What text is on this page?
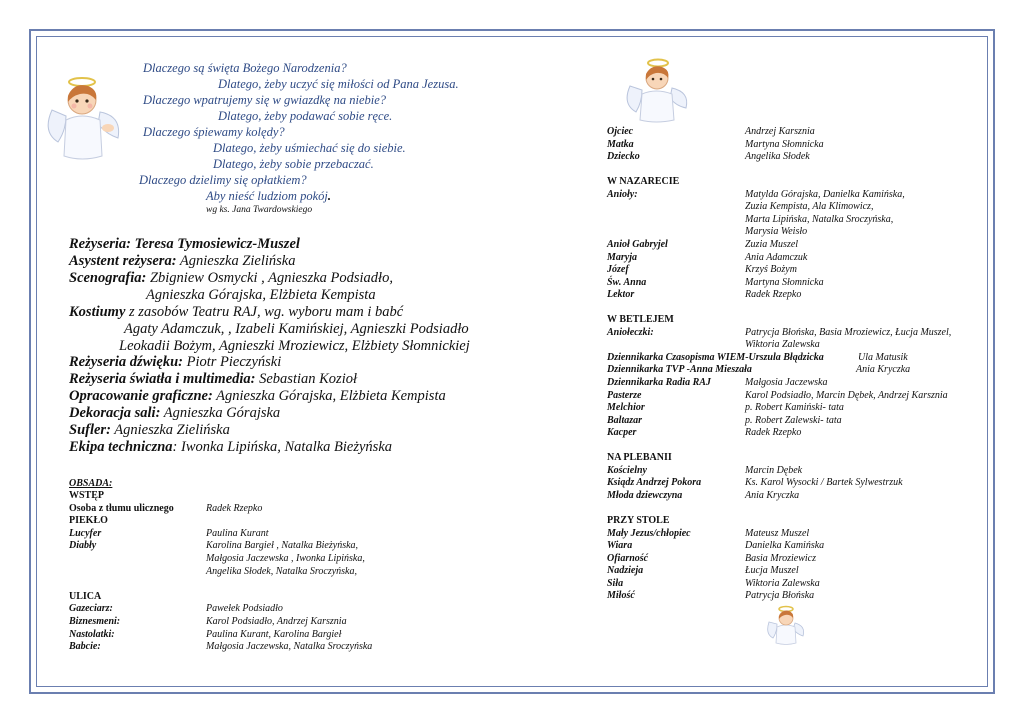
Dlaczego są święta Bożego Narodzenia?
Dlatego, żeby uczyć się miłości od Pana Jezusa.
Dlaczego wpatrujemy się w gwiazdkę na niebie?
Dlatego, żeby podawać sobie ręce.
Dlaczego śpiewamy kolędy?
Dlatego, żeby uśmiechać się do siebie.
Dlatego, żeby sobie przebaczać.
Dlaczego dzielimy się opłatkiem?
Aby nieść ludziom pokój.
wg ks. Jana Twardowskiego
Reżyseria: Teresa Tymosiewicz-Muszel
Asystent reżysera: Agnieszka Zielińska
Scenografia: Zbigniew Osmycki , Agnieszka Podsiadło,
Agnieszka Górajska, Elżbieta Kempista
Kostiumy z zasobów Teatru RAJ, wg. wyboru mam i babć
Agaty Adamczuk, , Izabeli Kamińskiej, Agnieszki Podsiadło
Leokadii Bożym, Agnieszki Mroziewicz, Elżbiety Słomnickiej
Reżyseria dźwięku: Piotr Pieczyński
Reżyseria światła i multimedia: Sebastian Kozioł
Opracowanie graficzne: Agnieszka Górajska, Elżbieta Kempista
Dekoracja sali: Agnieszka Górajska
Sufler: Agnieszka Zielińska
Ekipa techniczna: Iwonka Lipińska, Natalka Bieżyńska
OBSADA:
WSTĘP
Osoba z tłumu ulicznego	Radek Rzepko
PIEKŁO
Lucyfer	Paulina Kurant
Diabły	Karolina Bargieł , Natalka Bieżyńska,
Małgosia Jaczewska , Iwonka Lipińska,
Angelika Słodek, Natalka Sroczyńska,
ULICA
Gazeciarz:	Pawełek Podsiadło
Biznesmeni:	Karol Podsiadło, Andrzej Karsznia
Nastolatki:	Paulina Kurant, Karolina Bargieł
Babcie:	Małgosia Jaczewska, Natalka Sroczyńska
Ojciec	Andrzej Karsznia
Matka	Martyna Słomnicka
Dziecko	Angelika Słodek
W NAZARECIE
Anioły:	Matylda Górajska, Danielka Kamińska,
Zuzia Kempista, Ala Klimowicz,
Marta Lipińska, Natalka Sroczyńska,
Marysia Weisło
Anioł Gabryjel	Zuzia Muszel
Maryja	Ania Adamczuk
Józef	Krzyś Bożym
Św. Anna	Martyna Słomnicka
Lektor	Radek Rzepko
W BETLEJEM
Aniołeczki:	Patrycja Błońska, Basia Mroziewicz, Łucja Muszel,
Wiktoria Zalewska
Dziennikarka Czasopisma WIEM-Urszula Błądzicka	Ula Matusik
Dziennikarka TVP -Anna Mieszała	Ania Kryczka
Dziennikarka Radia RAJ	Małgosia Jaczewska
Pasterze	Karol Podsiadło, Marcin Dębek, Andrzej Karsznia
Melchior	p. Robert Kamiński- tata
Baltazar	p. Robert Zalewski- tata
Kacper	Radek Rzepko
NA PLEBANII
Kościelny	Marcin Dębek
Ksiądz Andrzej Pokora	Ks. Karol Wysocki / Bartek Sylwestrzuk
Młoda dziewczyna	Ania Kryczka
PRZY STOLE
Mały Jezus/chłopiec	Mateusz Muszel
Wiara	Danielka Kamińska
Ofiarność	Basia Mroziewicz
Nadzieja	Łucja Muszel
Siła	Wiktoria Zalewska
Miłość	Patrycja Błońska
